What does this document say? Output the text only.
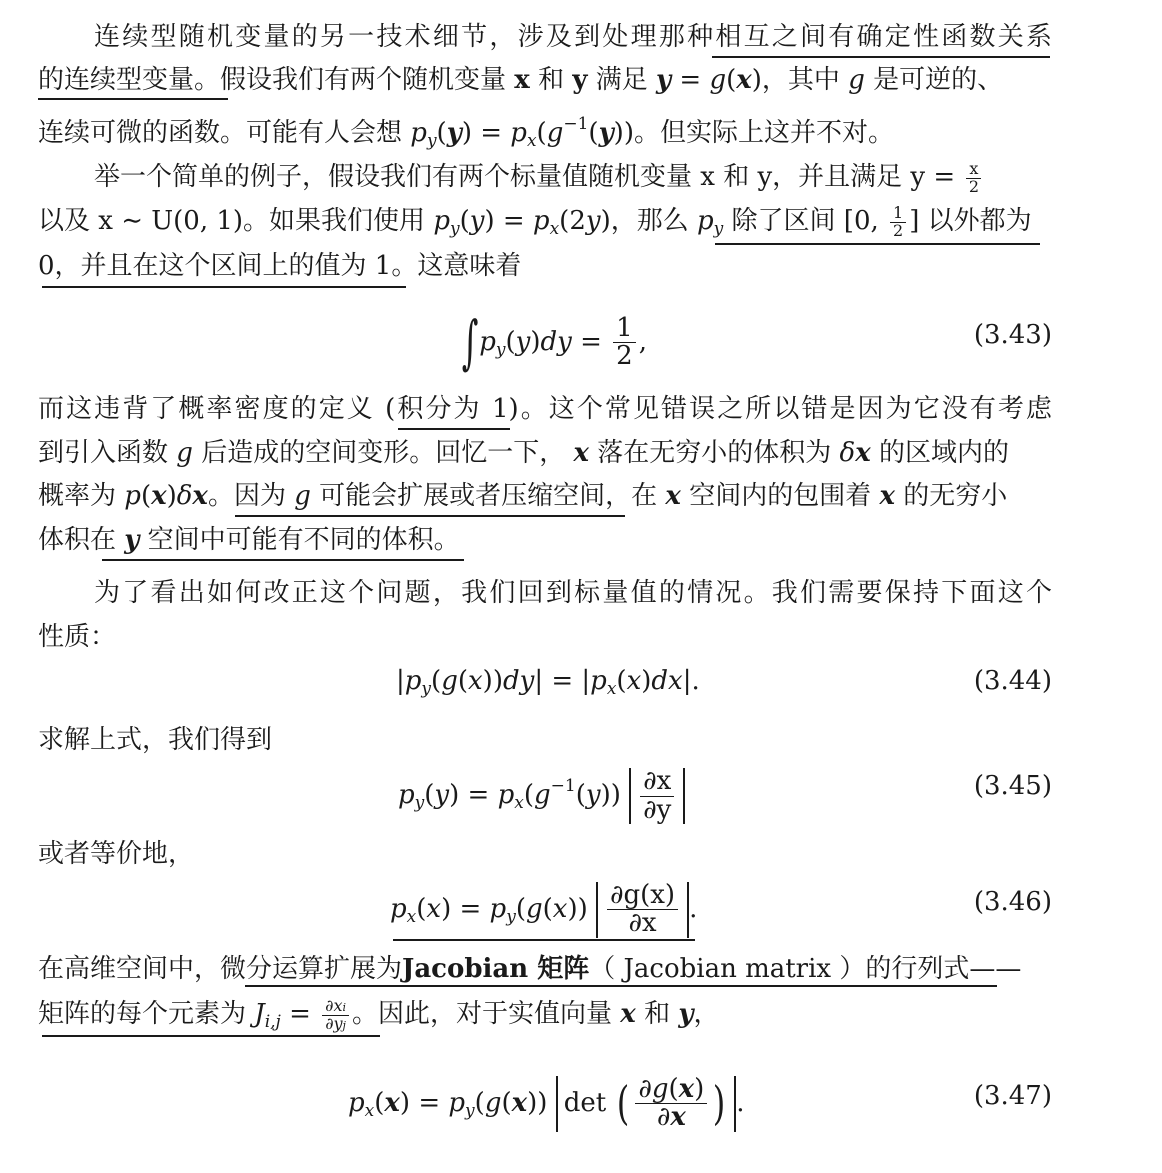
连续型随机变量的另一技术细节，涉及到处理那种相互之间有确定性函数关系
的连续型变量。假设我们有两个随机变量 x 和 y 满足 y = g(x)，其中 g 是可逆的、
连续可微的函数。可能有人会想 $p_y(y) = p_x(g^{-1}(y))$。但实际上这并不对。
举一个简单的例子，假设我们有两个标量值随机变量 x 和 y，并且满足 $y = \frac{x}{2}$
以及 x ∼ U(0, 1)。如果我们使用 $p_y(y) = p_x(2y)$，那么 $p_y$ 除了区间 [0, $\frac{1}{2}$ ] 以外都为
0，并且在这个区间上的值为 1。这意味着
$\int p_y(y)dy = \frac{1}{2}$ ,	(3.43)
而这违背了概率密度的定义 (积分为 1)。这个常见错误之所以错是因为它没有考虑
到引入函数 g 后造成的空间变形。回忆一下， x 落在无穷小的体积为 δx 的区域内的
概率为 p(x)δx。因为 g 可能会扩展或者压缩空间，在 x 空间内的包围着 x 的无穷小
体积在 y 空间中可能有不同的体积。
为了看出如何改正这个问题，我们回到标量值的情况。我们需要保持下面这个
性质：
$|p_y(g(x))dy| = |p_x(x)dx|$.	(3.44)
求解上式，我们得到
$p_y(y) = p_x(g^{-1}(y)) \frac{\partial x}{\partial y}$	(3.45)
或者等价地，
$p_x(x) = p_y(g(x)) \frac{\partial g(x)}{\partial x}$ .	(3.46)
在高维空间中，微分运算扩展为Jacobian 矩阵（ Jacobian matrix ）的行列式——
矩阵的每个元素为 $J_{i,j} = \frac{\partial xi}{\partial yj}$ 。因此，对于实值向量 x 和 y，
$p_x(x) = p_y(g(x))$ det ( $\frac{\partial g(x)}{\partial x}$ ) .	(3.47)
